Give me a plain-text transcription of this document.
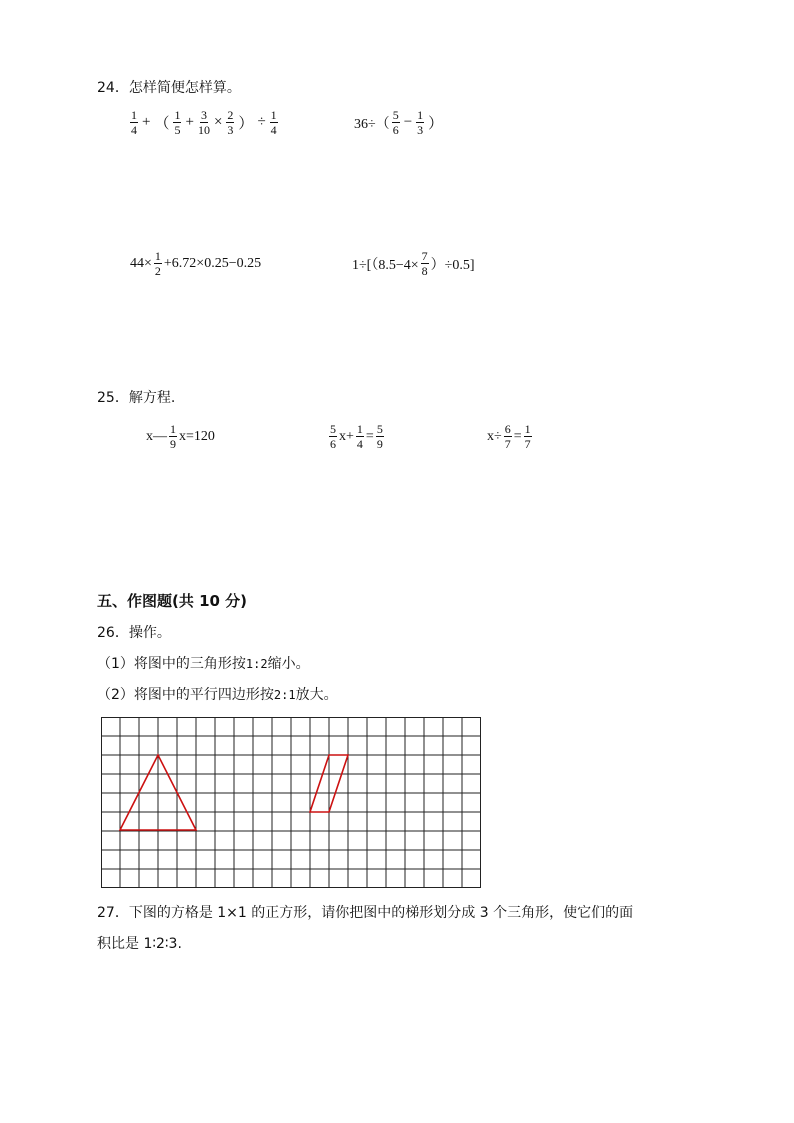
24．怎样简便怎样算。
$\frac{1}{4}$ + （ $\frac{1}{5} + \frac{3}{10} \times \frac{2}{3}$ ） ÷ $\frac{1}{4}$	$36\div( \frac{5}{6} - \frac{1}{3}$ ）
$44\times \frac{1}{2} +6.72\times 0.25-0.25$	$1\div[(8.5-4\times \frac{7}{8} )\div 0.5]$
25．解方程.
x— $\frac{1}{9} x=120$	$\frac{5}{6} x+ \frac{1}{4} = \frac{5}{9}$	$x\div \frac{6}{7} = \frac{1}{7}$
五、作图题(共 10 分)
26．操作。
（1）将图中的三角形按1:2缩小。
（2）将图中的平行四边形按2:1放大。
27．下图的方格是 1×1 的正方形，请你把图中的梯形划分成 3 个三角形，使它们的面
积比是 1∶2∶3.
